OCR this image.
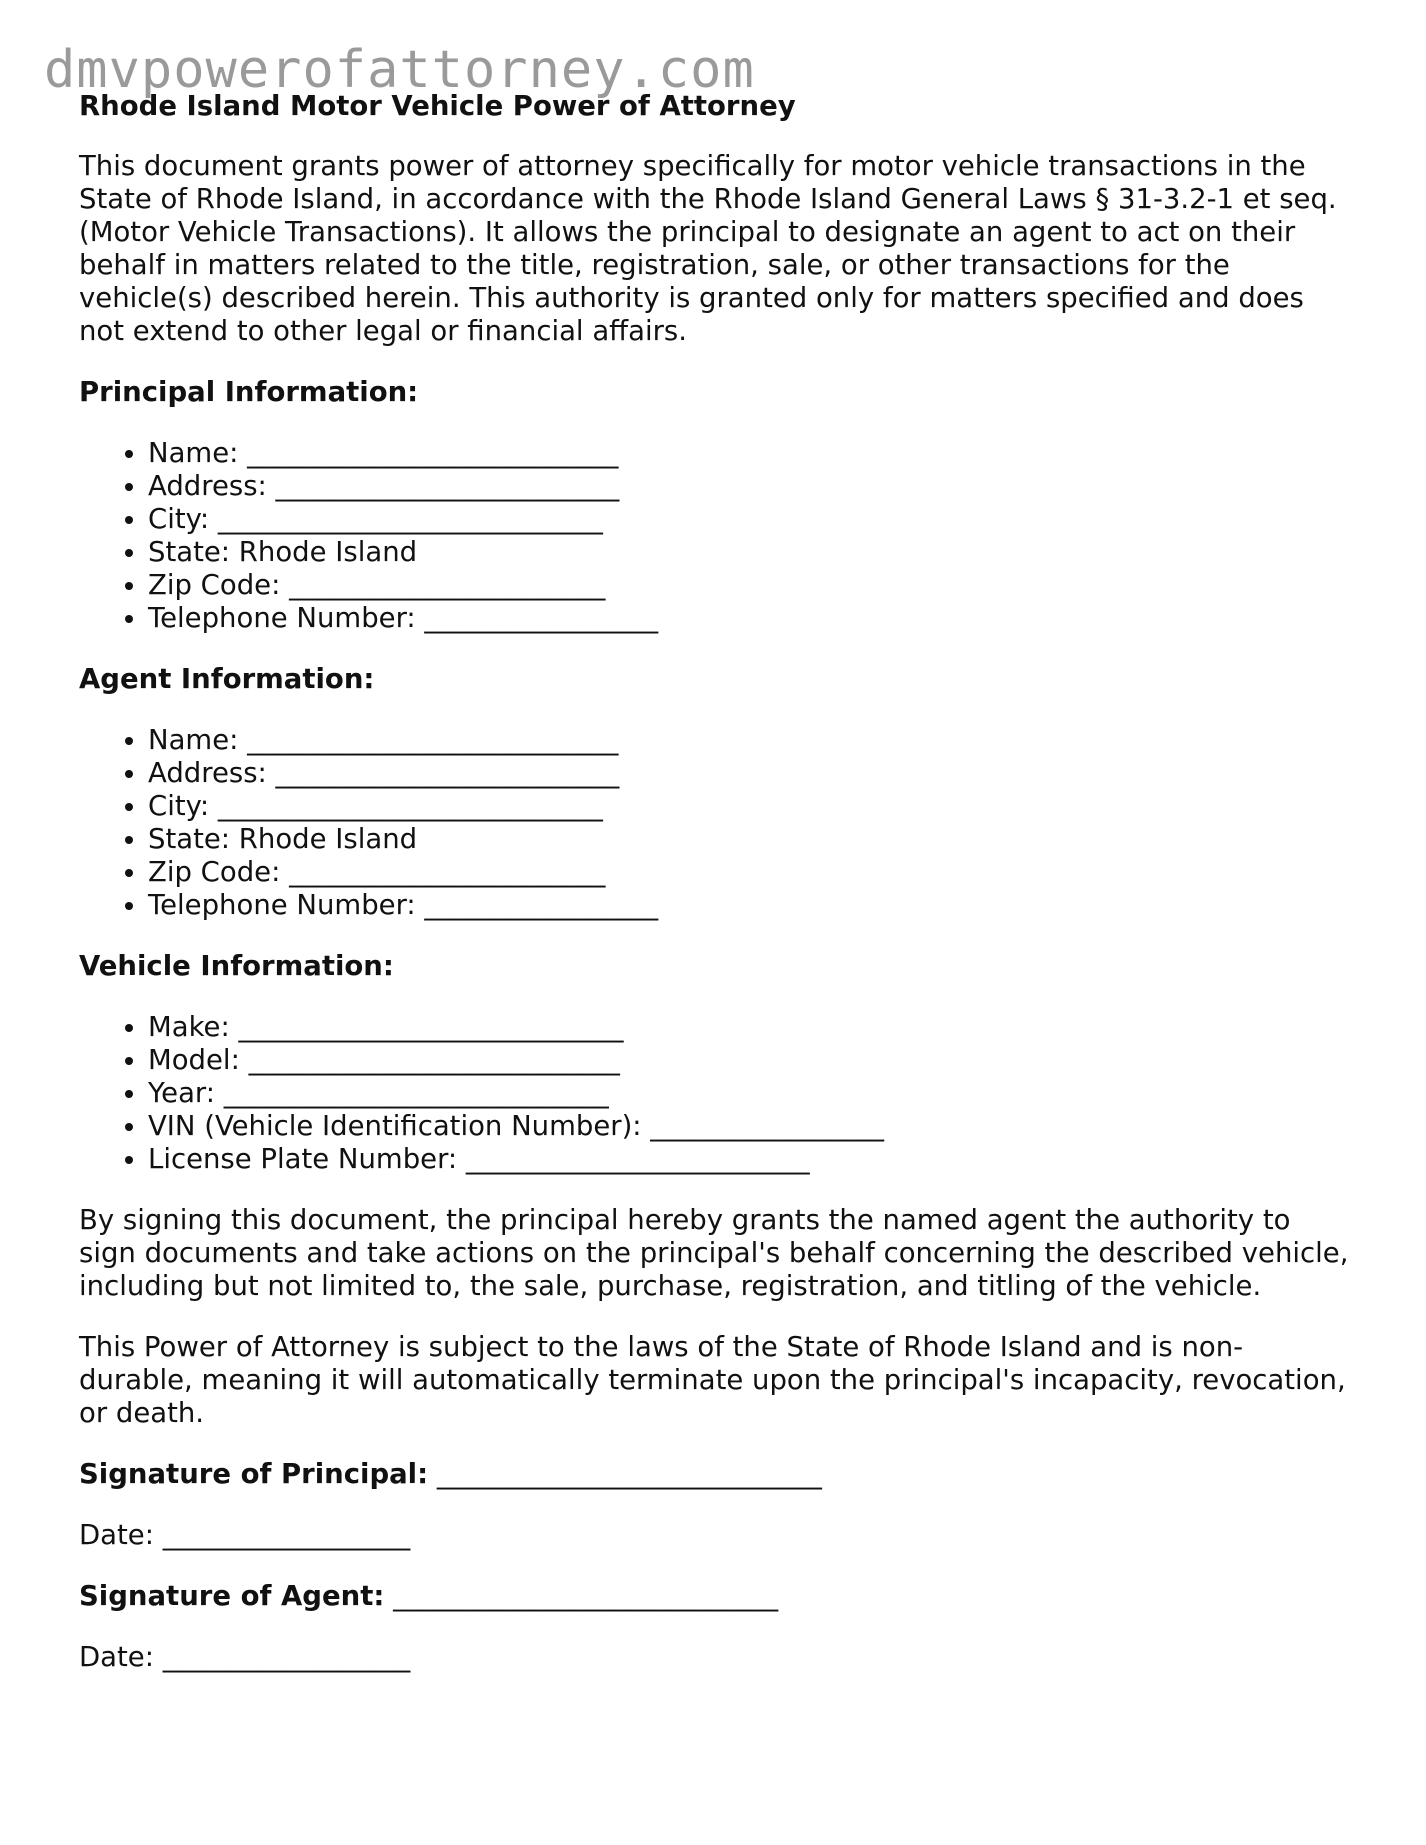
dmvpowerofattorney.com
Rhode Island Motor Vehicle Power of Attorney

This document grants power of attorney specifically for motor vehicle transactions in the State of Rhode Island, in accordance with the Rhode Island General Laws § 31-3.2-1 et seq. (Motor Vehicle Transactions). It allows the principal to designate an agent to act on their behalf in matters related to the title, registration, sale, or other transactions for the vehicle(s) described herein. This authority is granted only for matters specified and does not extend to other legal or financial affairs.

Principal Information:
• Name: ___________________________
• Address: _________________________
• City: ____________________________
• State: Rhode Island
• Zip Code: _______________________
• Telephone Number: _________________
Agent Information:
• Name: ___________________________
• Address: _________________________
• City: ____________________________
• State: Rhode Island
• Zip Code: _______________________
• Telephone Number: _________________
Vehicle Information:
• Make: ____________________________
• Model: ___________________________
• Year: ____________________________
• VIN (Vehicle Identification Number): _________________
• License Plate Number: _________________________

By signing this document, the principal hereby grants the named agent the authority to sign documents and take actions on the principal's behalf concerning the described vehicle, including but not limited to, the sale, purchase, registration, and titling of the vehicle.

This Power of Attorney is subject to the laws of the State of Rhode Island and is non-durable, meaning it will automatically terminate upon the principal's incapacity, revocation, or death.

Signature of Principal: ____________________________
Date: __________________
Signature of Agent: ____________________________
Date: __________________
